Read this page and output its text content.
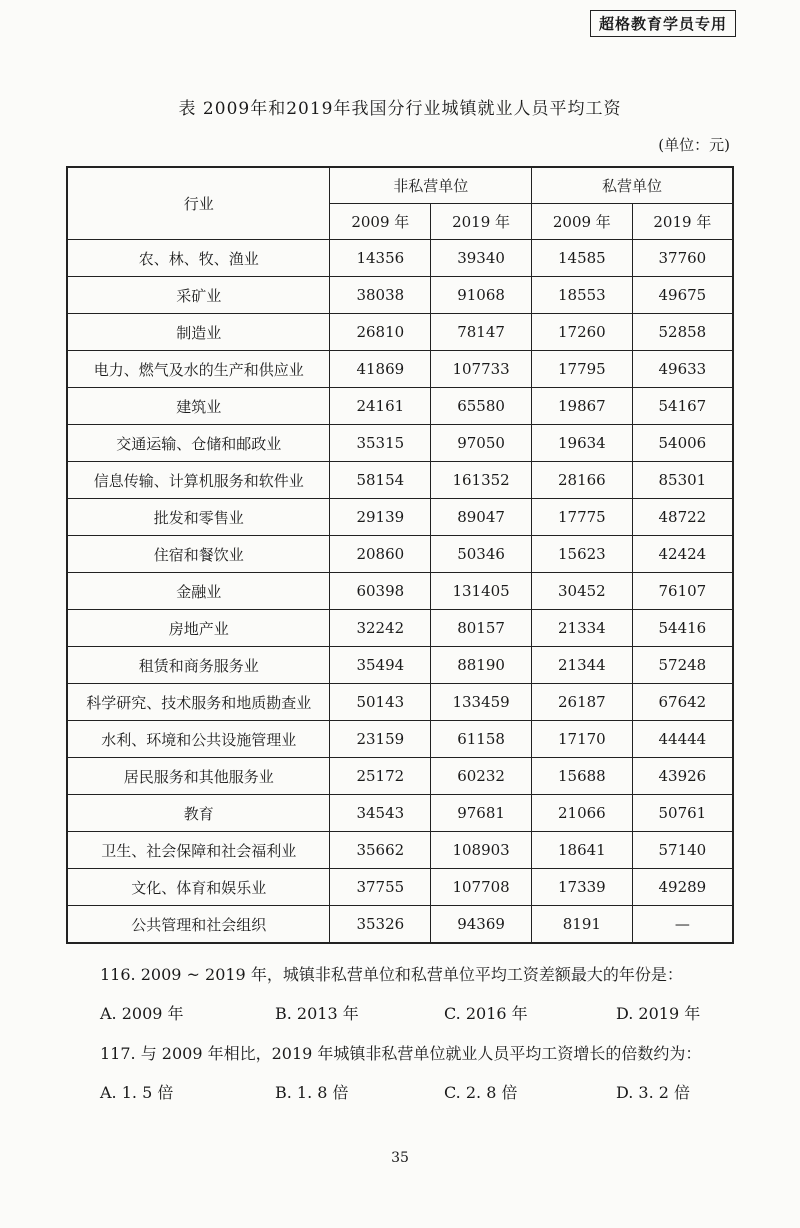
超格教育学员专用
表 2009年和2019年我国分行业城镇就业人员平均工资
(单位：元)
行业	非私营单位		私营单位	
	2009 年	2019 年	2009 年	2019 年
农、林、牧、渔业	14356	39340	14585	37760
采矿业	38038	91068	18553	49675
制造业	26810	78147	17260	52858
电力、燃气及水的生产和供应业	41869	107733	17795	49633
建筑业	24161	65580	19867	54167
交通运输、仓储和邮政业	35315	97050	19634	54006
信息传输、计算机服务和软件业	58154	161352	28166	85301
批发和零售业	29139	89047	17775	48722
住宿和餐饮业	20860	50346	15623	42424
金融业	60398	131405	30452	76107
房地产业	32242	80157	21334	54416
租赁和商务服务业	35494	88190	21344	57248
科学研究、技术服务和地质勘查业	50143	133459	26187	67642
水利、环境和公共设施管理业	23159	61158	17170	44444
居民服务和其他服务业	25172	60232	15688	43926
教育	34543	97681	21066	50761
卫生、社会保障和社会福利业	35662	108903	18641	57140
文化、体育和娱乐业	37755	107708	17339	49289
公共管理和社会组织	35326	94369	8191	—
116. 2009 ~ 2019 年，城镇非私营单位和私营单位平均工资差额最大的年份是：
A. 2009 年	B. 2013 年	C. 2016 年	D. 2019 年
117. 与 2009 年相比，2019 年城镇非私营单位就业人员平均工资增长的倍数约为：
A. 1. 5 倍	B. 1. 8 倍	C. 2. 8 倍	D. 3. 2 倍
35
